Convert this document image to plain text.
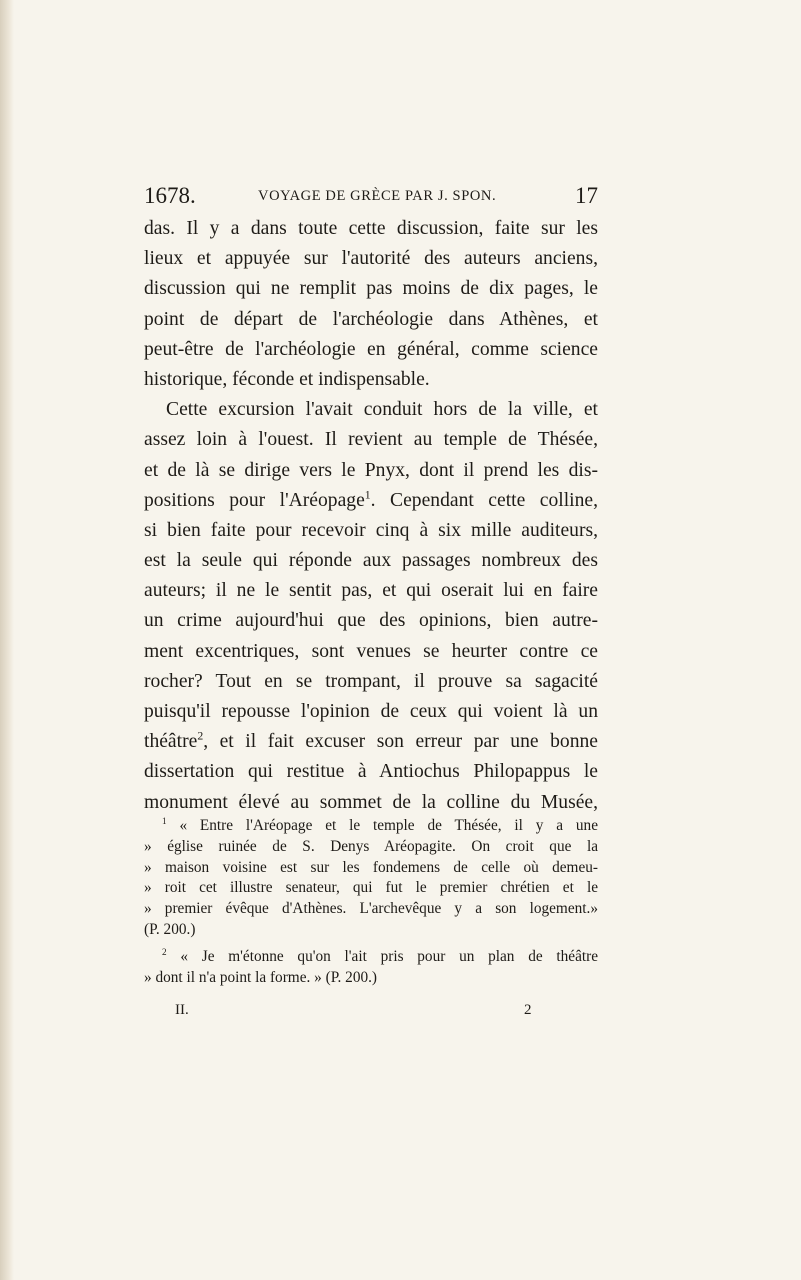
1678.	VOYAGE DE GRÈCE PAR J. SPON.	17
das. Il y a dans toute cette discussion, faite sur les
lieux et appuyée sur l'autorité des auteurs anciens,
discussion qui ne remplit pas moins de dix pages, le
point de départ de l'archéologie dans Athènes, et
peut-être de l'archéologie en général, comme science
historique, féconde et indispensable.
Cette excursion l'avait conduit hors de la ville, et
assez loin à l'ouest. Il revient au temple de Thésée,
et de là se dirige vers le Pnyx, dont il prend les dis-
positions pour l'Aréopage$^1$. Cependant cette colline,
si bien faite pour recevoir cinq à six mille auditeurs,
est la seule qui réponde aux passages nombreux des
auteurs; il ne le sentit pas, et qui oserait lui en faire
un crime aujourd'hui que des opinions, bien autre-
ment excentriques, sont venues se heurter contre ce
rocher? Tout en se trompant, il prouve sa sagacité
puisqu'il repousse l'opinion de ceux qui voient là un
théâtre$^2$, et il fait excuser son erreur par une bonne
dissertation qui restitue à Antiochus Philopappus le
monument élevé au sommet de la colline du Musée,
$^1$ « Entre l'Aréopage et le temple de Thésée, il y a une
» église ruinée de S. Denys Aréopagite. On croit que la
» maison voisine est sur les fondemens de celle où demeu-
» roit cet illustre senateur, qui fut le premier chrétien et le
» premier évêque d'Athènes. L'archevêque y a son logement.»
(P. 200.)
$^2$ « Je m'étonne qu'on l'ait pris pour un plan de théâtre
» dont il n'a point la forme. » (P. 200.)
II.	2
